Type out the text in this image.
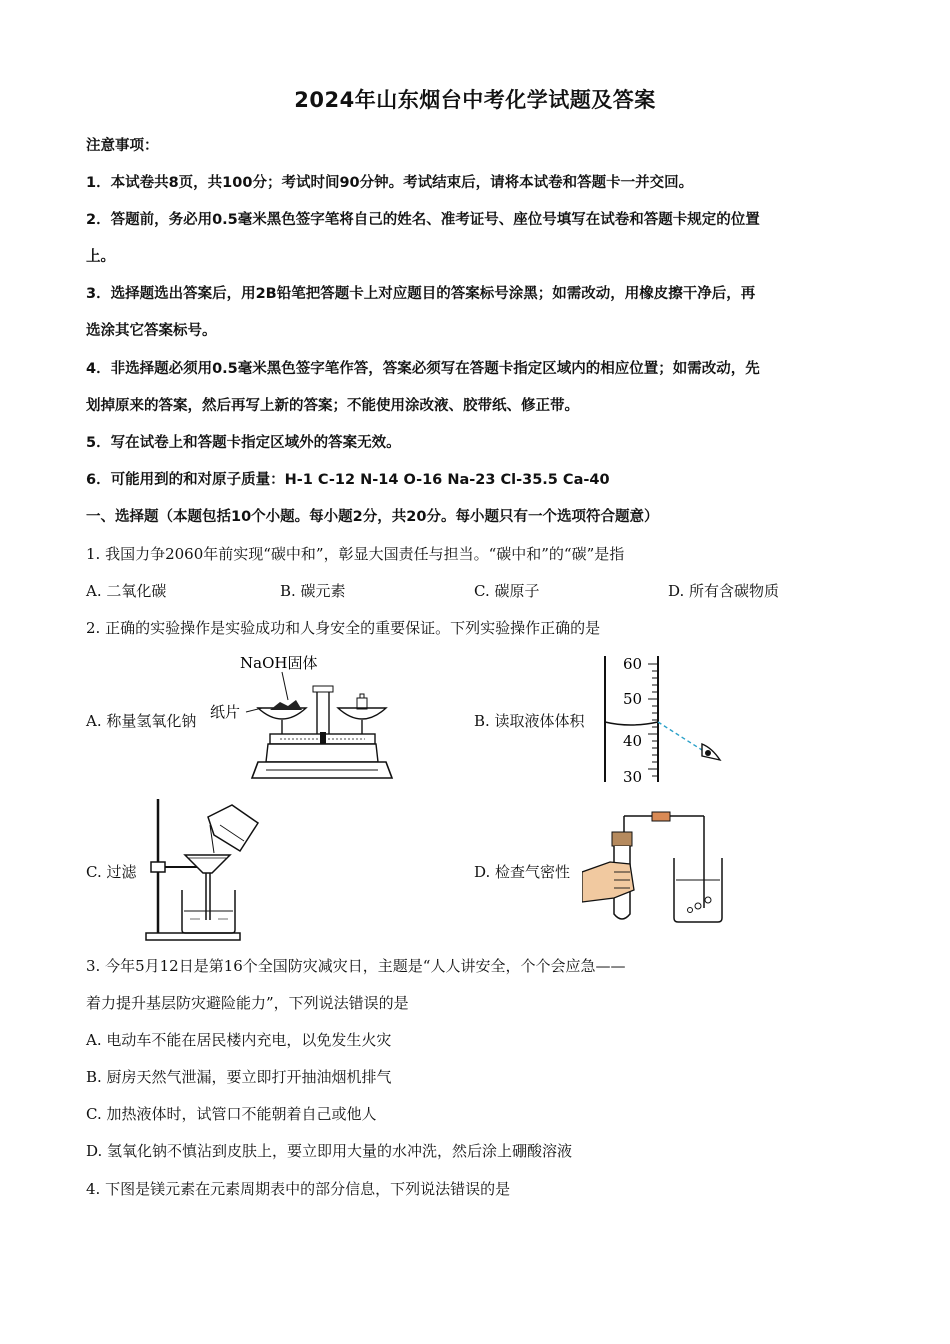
2024年山东烟台中考化学试题及答案
注意事项：
1．本试卷共8页，共100分；考试时间90分钟。考试结束后，请将本试卷和答题卡一并交回。
2．答题前，务必用0.5毫米黑色签字笔将自己的姓名、准考证号、座位号填写在试卷和答题卡规定的位置
上。
3．选择题选出答案后，用2B铅笔把答题卡上对应题目的答案标号涂黑；如需改动，用橡皮擦干净后，再
选涂其它答案标号。
4．非选择题必须用0.5毫米黑色签字笔作答，答案必须写在答题卡指定区域内的相应位置；如需改动，先
划掉原来的答案，然后再写上新的答案；不能使用涂改液、胶带纸、修正带。
5．写在试卷上和答题卡指定区域外的答案无效。
6．可能用到的和对原子质量：H-1 C-12 N-14 O-16 Na-23 Cl-35.5 Ca-40
一、选择题（本题包括10个小题。每小题2分，共20分。每小题只有一个选项符合题意）
1. 我国力争2060年前实现“碳中和”，彰显大国责任与担当。“碳中和”的“碳”是指
A. 二氧化碳	B. 碳元素	C. 碳原子	D. 所有含碳物质
2. 正确的实验操作是实验成功和人身安全的重要保证。下列实验操作正确的是
A. 称量氢氧化钠
NaOH固体
纸片	B. 读取液体体积
60
50
40
30
C. 过滤	D. 检查气密性
3. 今年5月12日是第16个全国防灾减灾日，主题是“人人讲安全，个个会应急——
着力提升基层防灾避险能力”，下列说法错误的是
A. 电动车不能在居民楼内充电，以免发生火灾
B. 厨房天然气泄漏，要立即打开抽油烟机排气
C. 加热液体时，试管口不能朝着自己或他人
D. 氢氧化钠不慎沾到皮肤上，要立即用大量的水冲洗，然后涂上硼酸溶液
4. 下图是镁元素在元素周期表中的部分信息，下列说法错误的是
